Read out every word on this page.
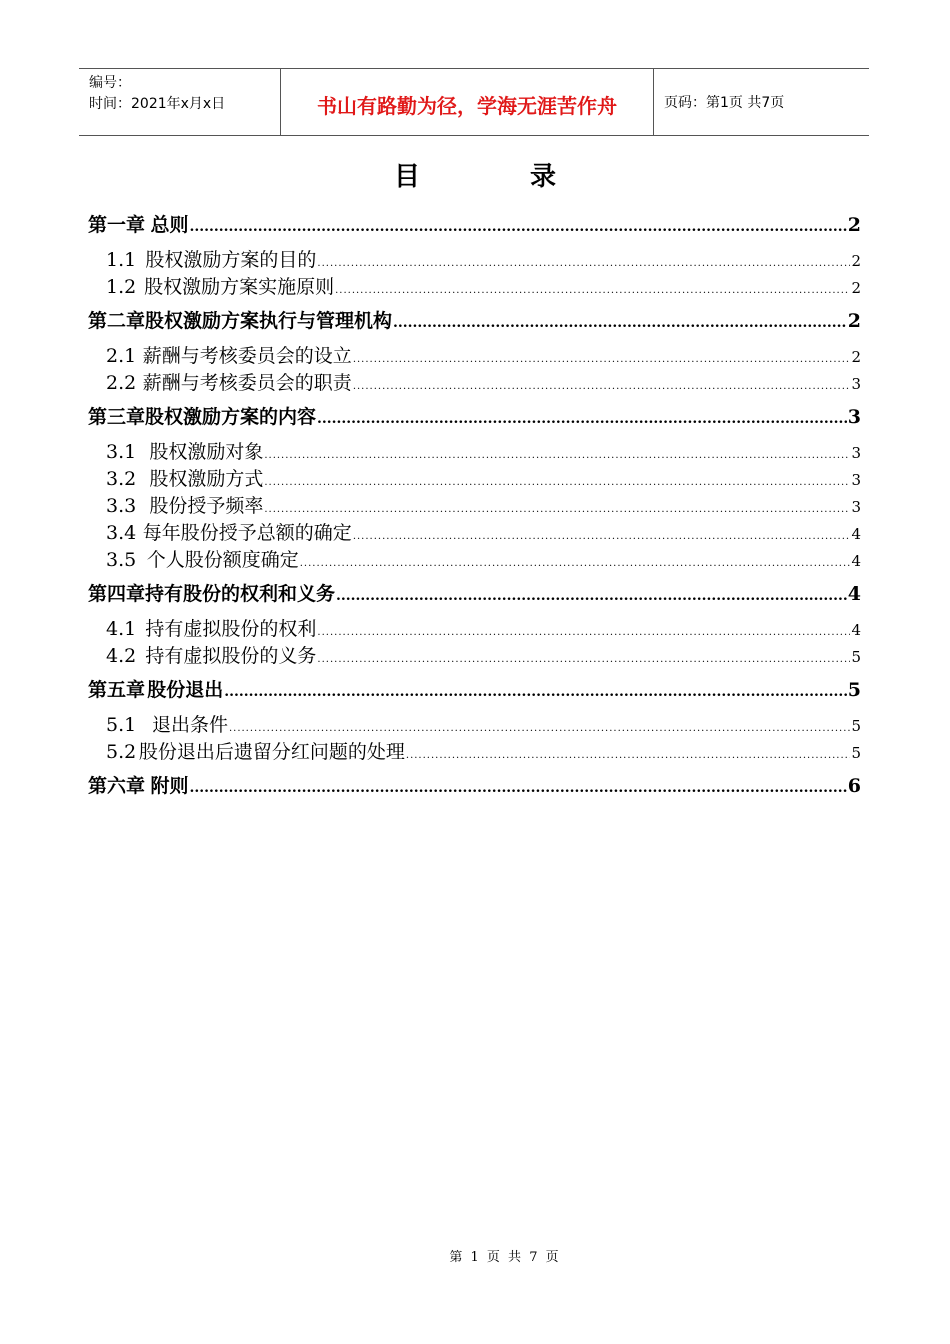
编号：
时间：2021年x月x日	书山有路勤为径，学海无涯苦作舟	页码：第1页 共7页
目录
第一章 总则 .....	2
1.1 股权激励方案的目的 .....	2
1.2 股权激励方案实施原则 .....	2
第二章 股权激励方案执行与管理机构 .....	2
2.1 薪酬与考核委员会的设立 .....	2
2.2 薪酬与考核委员会的职责 .....	3
第三章 股权激励方案的内容 .....	3
3.1 股权激励对象 .....	3
3.2 股权激励方式 .....	3
3.3 股份授予频率 .....	3
3.4 每年股份授予总额的确定 .....	4
3.5 个人股份额度确定 .....	4
第四章 持有股份的权利和义务 .....	4
4.1 持有虚拟股份的权利 .....	4
4.2 持有虚拟股份的义务 .....	5
第五章 股份退出 .....	5
5.1 退出条件 .....	5
5.2 股份退出后遗留分红问题的处理 .....	5
第六章 附则 .....	6
第 1 页 共 7 页
